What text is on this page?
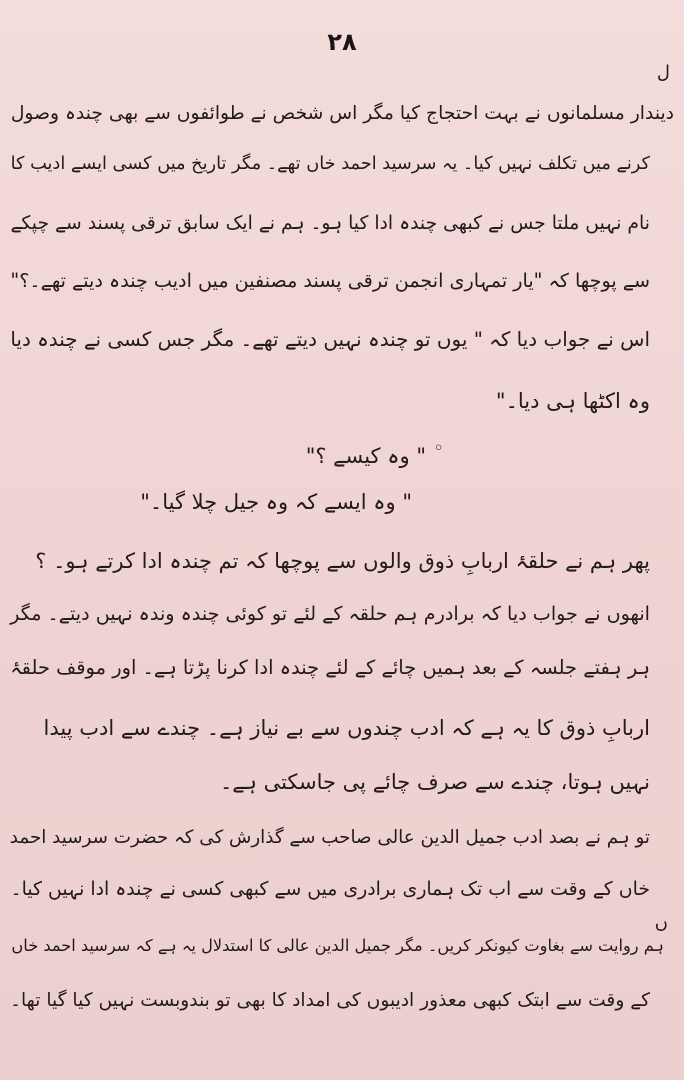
۲۸
ل
دیندار مسلمانوں نے بہت احتجاج کیا مگر اس شخص نے طوائفوں سے بھی چندہ وصول
کرنے میں تکلف نہیں کیا۔ یہ سرسید احمد خاں تھے۔ مگر تاریخ میں کسی ایسے ادیب کا
نام نہیں ملتا جس نے کبھی چندہ ادا کیا ہو۔ ہم نے ایک سابق ترقی پسند سے چپکے
سے پوچھا کہ "یار تمہاری انجمن ترقی پسند مصنفین میں ادیب چندہ دیتے تھے۔؟"
اس نے جواب دیا کہ " یوں تو چندہ نہیں دیتے تھے۔ مگر جس کسی نے چندہ دیا
وہ اکٹھا ہی دیا۔"
◦
" وہ کیسے ؟"
" وہ ایسے کہ وہ جیل چلا گیا۔"
پھر ہم نے حلقۂ اربابِ ذوق والوں سے پوچھا کہ تم چندہ ادا کرتے ہو۔ ؟
انھوں نے جواب دیا کہ برادرم ہم حلقہ کے لئے تو کوئی چندہ وندہ نہیں دیتے۔ مگر
ہر ہفتے جلسہ کے بعد ہمیں چائے کے لئے چندہ ادا کرنا پڑتا ہے۔ اور موقف حلقۂ
اربابِ ذوق کا یہ ہے کہ ادب چندوں سے بے نیاز ہے۔ چندے سے ادب پیدا
نہیں ہوتا، چندے سے صرف چائے پی جاسکتی ہے۔
تو ہم نے بصد ادب جمیل الدین عالی صاحب سے گذارش کی کہ حضرت سرسید احمد
خاں کے وقت سے اب تک ہماری برادری میں سے کبھی کسی نے چندہ ادا نہیں کیا۔
ں
ہم روایت سے بغاوت کیونکر کریں۔ مگر جمیل الدین عالی کا استدلال یہ ہے کہ سرسید احمد خاں
کے وقت سے ابتک کبھی معذور ادیبوں کی امداد کا بھی تو بندوبست نہیں کیا گیا تھا۔
